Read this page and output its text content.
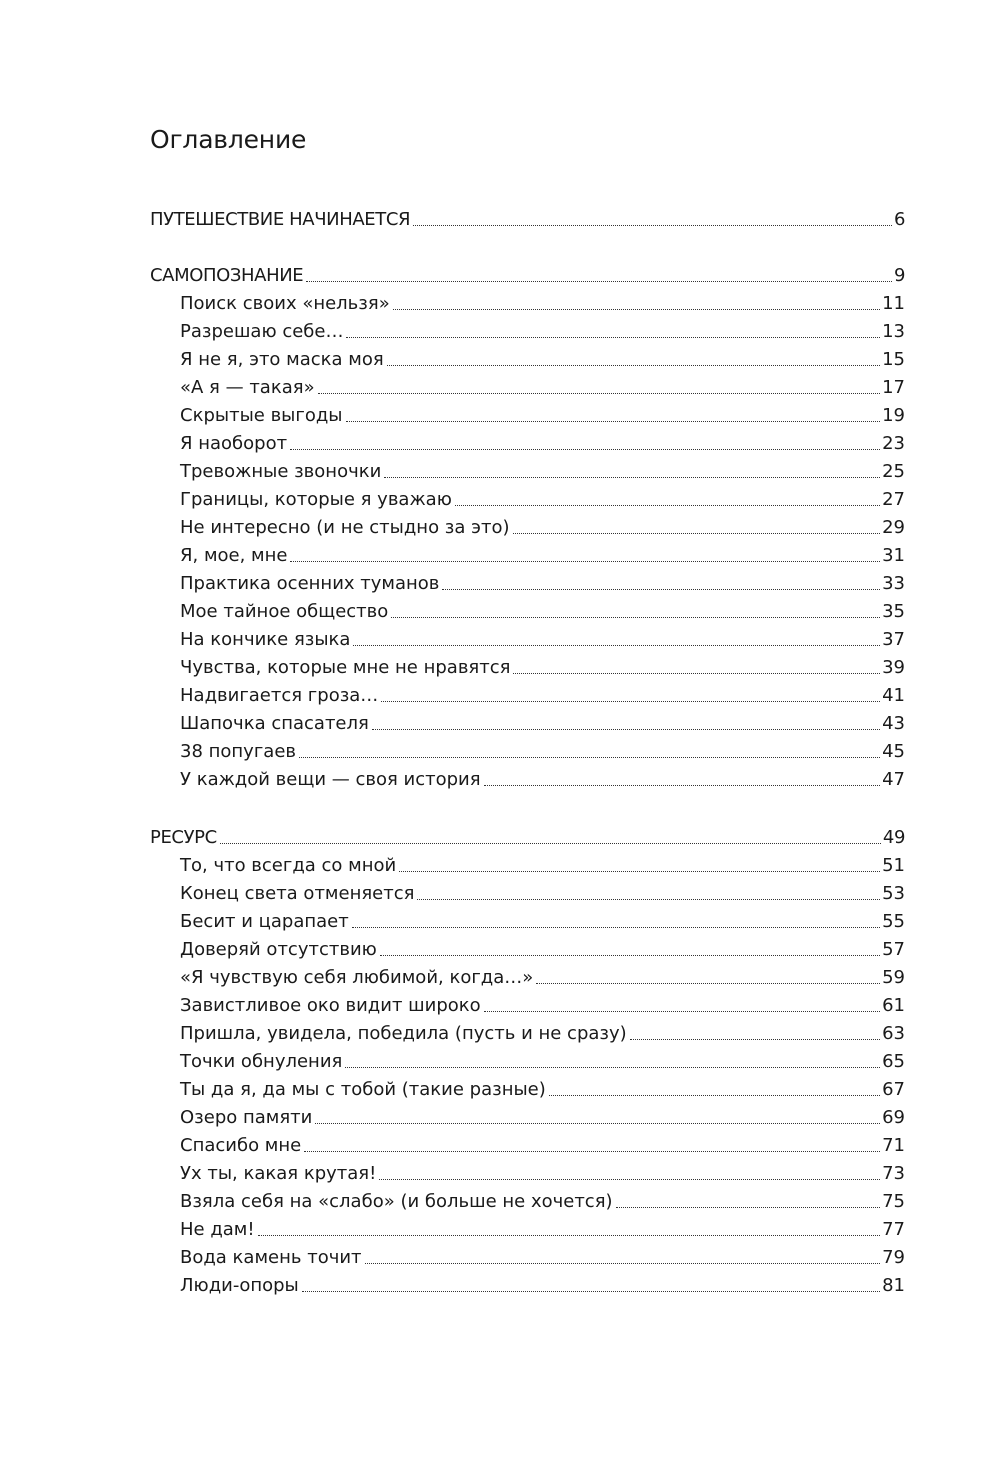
Оглавление
ПУТЕШЕСТВИЕ НАЧИНАЕТСЯ	6
САМОПОЗНАНИЕ	9
Поиск своих «нельзя»	11
Разрешаю себе…	13
Я не я, это маска моя	15
«А я — такая»	17
Скрытые выгоды	19
Я наоборот	23
Тревожные звоночки	25
Границы, которые я уважаю	27
Не интересно (и не стыдно за это)	29
Я, мое, мне	31
Практика осенних туманов	33
Мое тайное общество	35
На кончике языка	37
Чувства, которые мне не нравятся	39
Надвигается гроза…	41
Шапочка спасателя	43
38 попугаев	45
У каждой вещи — своя история	47
РЕСУРС	49
То, что всегда со мной	51
Конец света отменяется	53
Бесит и царапает	55
Доверяй отсутствию	57
«Я чувствую себя любимой, когда…»	59
Завистливое око видит широко	61
Пришла, увидела, победила (пусть и не сразу)	63
Точки обнуления	65
Ты да я, да мы с тобой (такие разные)	67
Озеро памяти	69
Спасибо мне	71
Ух ты, какая крутая!	73
Взяла себя на «слабо» (и больше не хочется)	75
Не дам!	77
Вода камень точит	79
Люди-опоры	81
